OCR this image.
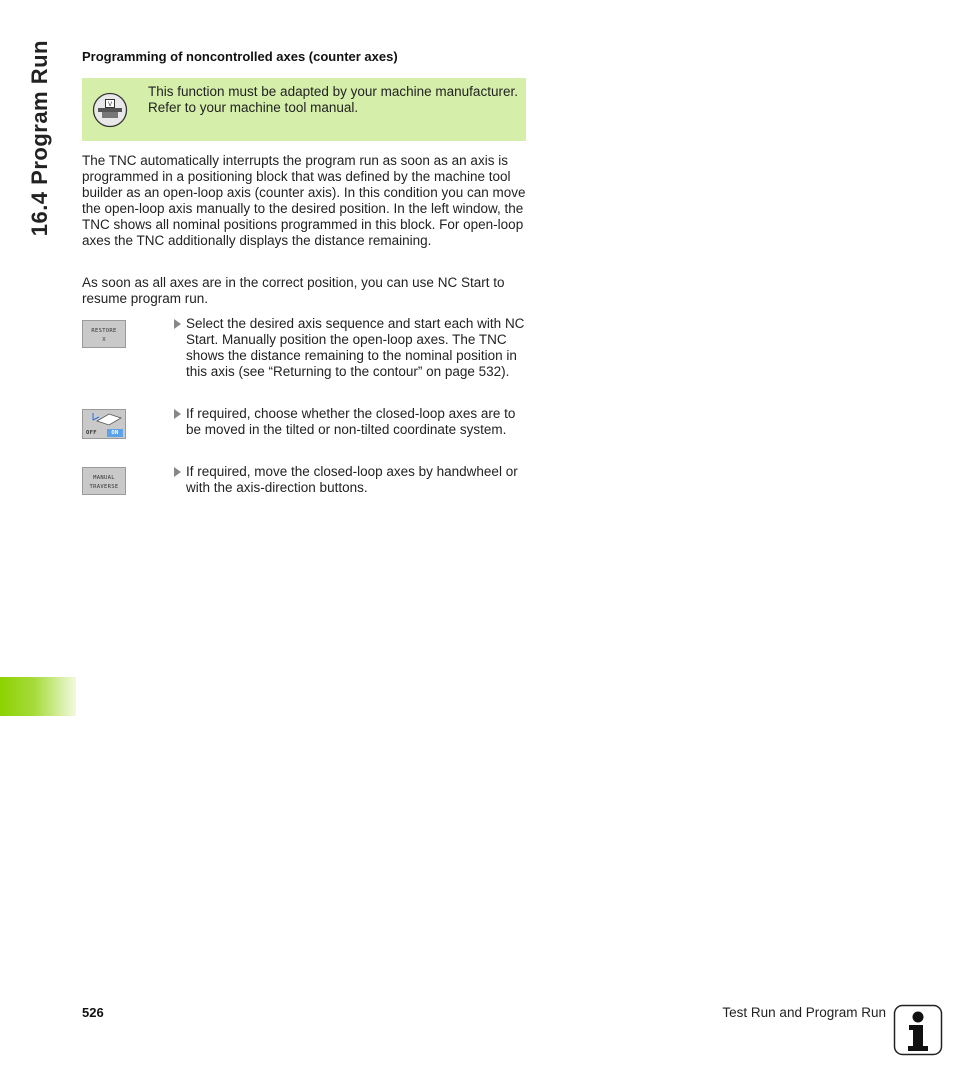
16.4 Program Run	Programming of noncontrolled axes (counter axes)
V
This function must be adapted by your machine manufacturer. Refer to your machine tool manual.
The TNC automatically interrupts the program run as soon as an axis is programmed in a positioning block that was defined by the machine tool builder as an open-loop axis (counter axis). In this condition you can move the open-loop axis manually to the desired position. In the left window, the TNC shows all nominal positions programmed in this block. For open-loop axes the TNC additionally displays the distance remaining.
As soon as all axes are in the correct position, you can use NC Start to resume program run.
RESTORE
X
Select the desired axis sequence and start each with NC Start. Manually position the open-loop axes. The TNC shows the distance remaining to the nominal position in this axis (see “Returning to the contour” on page 532).
OFF	ON
If required, choose whether the closed-loop axes are to be moved in the tilted or non-tilted coordinate system.
MANUAL
TRAVERSE
If required, move the closed-loop axes by handwheel or with the axis-direction buttons.
526	Test Run and Program Run
